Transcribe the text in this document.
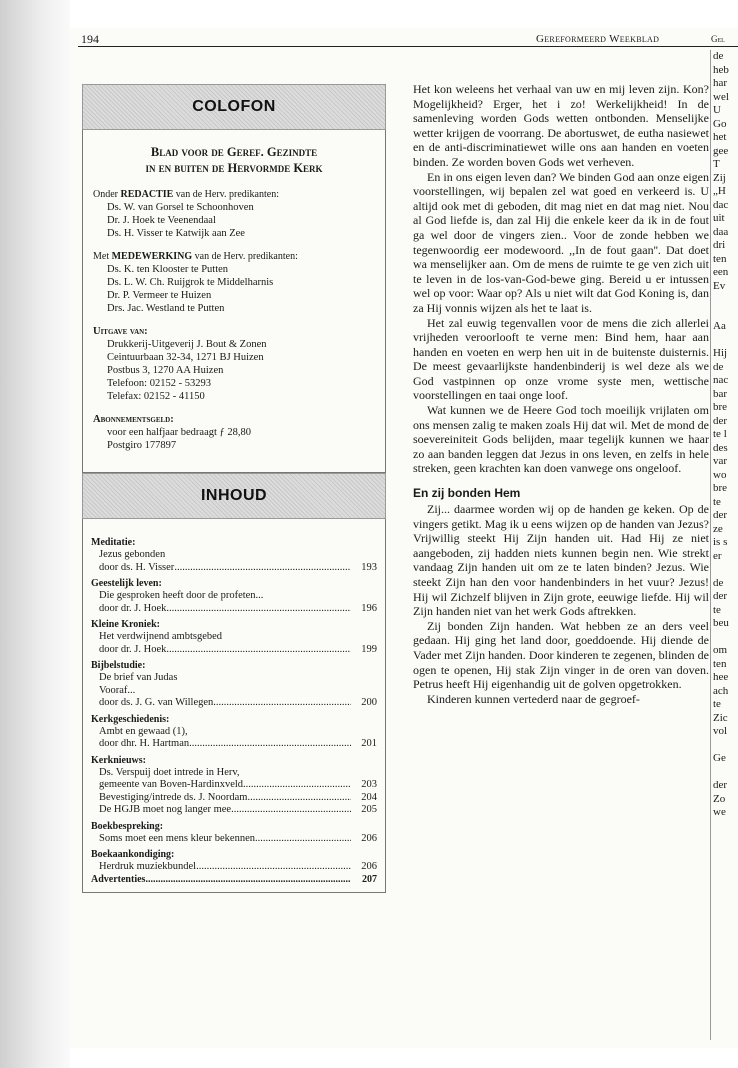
194	Gereformeerd Weekblad	Gel
de
heb
har
wel
U
Go
het
gee
T
Zij
„H
dac
uit
daa
dri
ten
een
Ev

Aa

Hij
de
nac
bar
bre
der
te l
des
var
wo
bre
te
der
ze
is s
er

de
der
te
beu

om
ten
hee
ach
te
Zic
vol

Ge

der
Zo
we
COLOFON
Blad voor de Geref. Gezindte
in en buiten de Hervormde Kerk
Onder REDACTIE van de Herv. predikanten:
Ds. W. van Gorsel te Schoonhoven
Dr. J. Hoek te Veenendaal
Ds. H. Visser te Katwijk aan Zee
Met MEDEWERKING van de Herv. predikanten:
Ds. K. ten Klooster te Putten
Ds. L. W. Ch. Ruijgrok te Middelharnis
Dr. P. Vermeer te Huizen
Drs. Jac. Westland te Putten
Uitgave van:
Drukkerij-Uitgeverij J. Bout & Zonen
Ceintuurbaan 32-34, 1271 BJ Huizen
Postbus 3, 1270 AA Huizen
Telefoon: 02152 - 53293
Telefax: 02152 - 41150
Abonnementsgeld:
voor een halfjaar bedraagt ƒ 28,80
Postgiro 177897
INHOUD
Meditatie:
Jezus gebonden
door ds. H. Visser .....	193
Geestelijk leven:
Die gesproken heeft door de profeten...
door dr. J. Hoek .....	196
Kleine Kroniek:
Het verdwijnend ambtsgebed
door dr. J. Hoek .....	199
Bijbelstudie:
De brief van Judas
Vooraf...
door ds. J. G. van Willegen .....	200
Kerkgeschiedenis:
Ambt en gewaad (1),
door dhr. H. Hartman .....	201
Kerknieuws:
Ds. Verspuij doet intrede in Herv,
gemeente van Boven-Hardinxveld .....	203
Bevestiging/intrede ds. J. Noordam .....	204
De HGJB moet nog langer mee .....	205
Boekbespreking:
Soms moet een mens kleur bekennen .....	206
Boekaankondiging:
Herdruk muziekbundel .....	206
Advertenties .....	207

Het kon weleens het verhaal van uw en mij leven zijn. Kon? Mogelijkheid? Erger, het i zo! Werkelijkheid! In de samenleving worden Gods wetten ontbonden. Menselijke wetter krijgen de voorrang. De abortuswet, de eutha nasiewet en de anti-discriminatiewet wille ons aan handen en voeten binden. Ze worden boven Gods wet verheven.

En in ons eigen leven dan? We binden God aan onze eigen voorstellingen, wij bepalen zel wat goed en verkeerd is. U altijd ook met di geboden, dit mag niet en dat mag niet. Nou al God liefde is, dan zal Hij die enkele keer da ik in de fout ga wel door de vingers zien.. Voor de zonde hebben we tegenwoordig eer modewoord. ,,In de fout gaan''. Dat doet wa menselijker aan. Om de mens de ruimte te ge ven zich uit te leven in de los-van-God-bewe ging. Bereid u er intussen wel op voor: Waar op? Als u niet wilt dat God Koning is, dan za Hij vonnis wijzen als het te laat is.

Het zal euwig tegenvallen voor de mens die zich allerlei vrijheden veroorlooft te verne men: Bind hem, haar aan handen en voeten en werp hen uit in de buitenste duisternis. De meest gevaarlijkste handenbinderij is wel deze als we God vastpinnen op onze vrome syste men, wettische voorstellingen en taai onge loof.

Wat kunnen we de Heere God toch moeilijk vrijlaten om ons mensen zalig te maken zoals Hij dat wil. Met de mond de soevereiniteit Gods belijden, maar tegelijk kunnen we haar zo aan banden leggen dat Jezus in ons leven, en zelfs in hele streken, geen krachten kan doen vanwege ons ongeloof.

En zij bonden Hem

Zij... daarmee worden wij op de handen ge keken. Op de vingers getikt. Mag ik u eens wijzen op de handen van Jezus? Vrijwillig steekt Hij Zijn handen uit. Had Hij ze niet aangeboden, zij hadden niets kunnen begin nen. Wie strekt vandaag Zijn handen uit om ze te laten binden? Jezus. Wie steekt Zijn han den voor handenbinders in het vuur? Jezus! Hij wil Zichzelf blijven in Zijn grote, eeuwige liefde. Hij wil Zijn handen niet van het werk Gods aftrekken.

Zij bonden Zijn handen. Wat hebben ze an ders veel gedaan. Hij ging het land door, goeddoende. Hij diende de Vader met Zijn handen. Door kinderen te zegenen, blinden de ogen te openen, Hij stak Zijn vinger in de oren van doven. Petrus heeft Hij eigenhandig uit de golven opgetrokken.

Kinderen kunnen vertederd naar de gegroef-
